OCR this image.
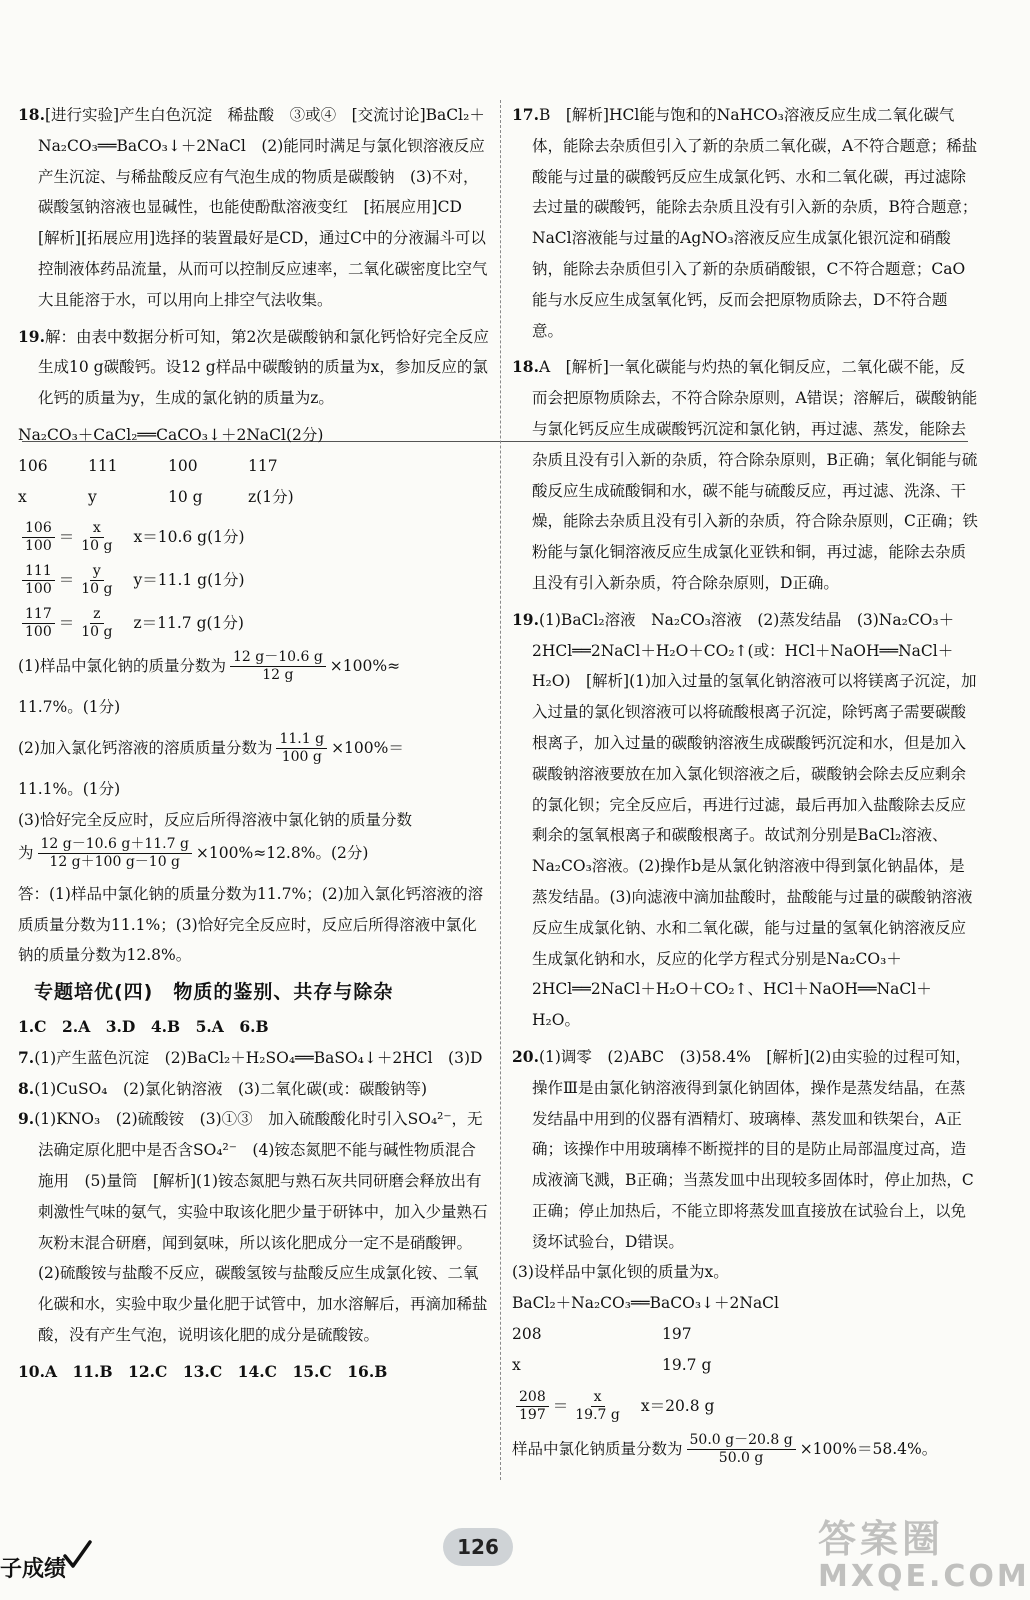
18.[进行实验]产生白色沉淀　稀盐酸　③或④　[交流讨论]BaCl₂＋Na₂CO₃══BaCO₃↓＋2NaCl　(2)能同时满足与氯化钡溶液反应产生沉淀、与稀盐酸反应有气泡生成的物质是碳酸钠　(3)不对，碳酸氢钠溶液也显碱性，也能使酚酞溶液变红　[拓展应用]CD　[解析][拓展应用]选择的装置最好是CD，通过C中的分液漏斗可以控制液体药品流量，从而可以控制反应速率，二氧化碳密度比空气大且能溶于水，可以用向上排空气法收集。

19.解：由表中数据分析可知，第2次是碳酸钠和氯化钙恰好完全反应生成10 g碳酸钙。设12 g样品中碳酸钠的质量为x，参加反应的氯化钙的质量为y，生成的氯化钠的质量为z。

Na₂CO₃＋CaCl₂══CaCO₃↓＋2NaCl(2分)

106	111	100	117
x	y	10 g	z(1分)
$\frac{106}{100} = \frac{x}{10 g} x=10.6$ g(1分)
$\frac{111}{100} = \frac{y}{10 g} y=11.1$ g(1分)
$\frac{117}{100} = \frac{z}{10 g} z=11.7$ g(1分)
(1)样品中氯化钠的质量分数为 $\frac{12 g-10.6 g}{12 g} \times 100\%\approx$

11.7%。(1分)

(2)加入氯化钙溶液的溶质质量分数为 $\frac{11.1 g}{100 g} \times 100\%=$

11.1%。(1分)

(3)恰好完全反应时，反应后所得溶液中氯化钠的质量分数

为 $\frac{12 g-10.6 g+11.7 g}{12 g+100 g-10 g} \times 100\%\approx 12.8\%$。(2分)

答：(1)样品中氯化钠的质量分数为11.7%；(2)加入氯化钙溶液的溶质质量分数为11.1%；(3)恰好完全反应时，反应后所得溶液中氯化钠的质量分数为12.8%。

专题培优(四)　物质的鉴别、共存与除杂

1.C　2.A　3.D　4.B　5.A　6.B

7.(1)产生蓝色沉淀　(2)BaCl₂＋H₂SO₄══BaSO₄↓＋2HCl　(3)D

8.(1)CuSO₄　(2)氯化钠溶液　(3)二氧化碳(或：碳酸钠等)

9.(1)KNO₃　(2)硫酸铵　(3)①③　加入硫酸酸化时引入SO₄²⁻，无法确定原化肥中是否含SO₄²⁻　(4)铵态氮肥不能与碱性物质混合施用　(5)量筒　[解析](1)铵态氮肥与熟石灰共同研磨会释放出有刺激性气味的氨气，实验中取该化肥少量于研钵中，加入少量熟石灰粉末混合研磨，闻到氨味，所以该化肥成分一定不是硝酸钾。(2)硫酸铵与盐酸不反应，碳酸氢铵与盐酸反应生成氯化铵、二氧化碳和水，实验中取少量化肥于试管中，加水溶解后，再滴加稀盐酸，没有产生气泡，说明该化肥的成分是硫酸铵。

10.A　11.B　12.C　13.C　14.C　15.C　16.B

17.B　[解析]HCl能与饱和的NaHCO₃溶液反应生成二氧化碳气体，能除去杂质但引入了新的杂质二氧化碳，A不符合题意；稀盐酸能与过量的碳酸钙反应生成氯化钙、水和二氧化碳，再过滤除去过量的碳酸钙，能除去杂质且没有引入新的杂质，B符合题意；NaCl溶液能与过量的AgNO₃溶液反应生成氯化银沉淀和硝酸钠，能除去杂质但引入了新的杂质硝酸银，C不符合题意；CaO能与水反应生成氢氧化钙，反而会把原物质除去，D不符合题意。

18.A　[解析]一氧化碳能与灼热的氧化铜反应，二氧化碳不能，反而会把原物质除去，不符合除杂原则，A错误；溶解后，碳酸钠能与氯化钙反应生成碳酸钙沉淀和氯化钠，再过滤、蒸发，能除去杂质且没有引入新的杂质，符合除杂原则，B正确；氧化铜能与硫酸反应生成硫酸铜和水，碳不能与硫酸反应，再过滤、洗涤、干燥，能除去杂质且没有引入新的杂质，符合除杂原则，C正确；铁粉能与氯化铜溶液反应生成氯化亚铁和铜，再过滤，能除去杂质且没有引入新杂质，符合除杂原则，D正确。

19.(1)BaCl₂溶液　Na₂CO₃溶液　(2)蒸发结晶　(3)Na₂CO₃＋2HCl══2NaCl＋H₂O＋CO₂↑(或：HCl＋NaOH══NaCl＋H₂O)　[解析](1)加入过量的氢氧化钠溶液可以将镁离子沉淀，加入过量的氯化钡溶液可以将硫酸根离子沉淀，除钙离子需要碳酸根离子，加入过量的碳酸钠溶液生成碳酸钙沉淀和水，但是加入碳酸钠溶液要放在加入氯化钡溶液之后，碳酸钠会除去反应剩余的氯化钡；完全反应后，再进行过滤，最后再加入盐酸除去反应剩余的氢氧根离子和碳酸根离子。故试剂分别是BaCl₂溶液、Na₂CO₃溶液。(2)操作b是从氯化钠溶液中得到氯化钠晶体，是蒸发结晶。(3)向滤液中滴加盐酸时，盐酸能与过量的碳酸钠溶液反应生成氯化钠、水和二氧化碳，能与过量的氢氧化钠溶液反应生成氯化钠和水，反应的化学方程式分别是Na₂CO₃＋2HCl══2NaCl＋H₂O＋CO₂↑、HCl＋NaOH══NaCl＋H₂O。

20.(1)调零　(2)ABC　(3)58.4%　[解析](2)由实验的过程可知，操作Ⅲ是由氯化钠溶液得到氯化钠固体，操作是蒸发结晶，在蒸发结晶中用到的仪器有酒精灯、玻璃棒、蒸发皿和铁架台，A正确；该操作中用玻璃棒不断搅拌的目的是防止局部温度过高，造成液滴飞溅，B正确；当蒸发皿中出现较多固体时，停止加热，C正确；停止加热后，不能立即将蒸发皿直接放在试验台上，以免烫坏试验台，D错误。

(3)设样品中氯化钡的质量为x。

BaCl₂＋Na₂CO₃══BaCO₃↓＋2NaCl

208	197
x	19.7 g
$\frac{208}{197} = \frac{x}{19.7 g} x=20.8$ g
样品中氯化钠质量分数为 $\frac{50.0 g-20.8 g}{50.0 g} \times 100\%=58.4\%$。
子成绩
126	答案圈
MXQE.COM
